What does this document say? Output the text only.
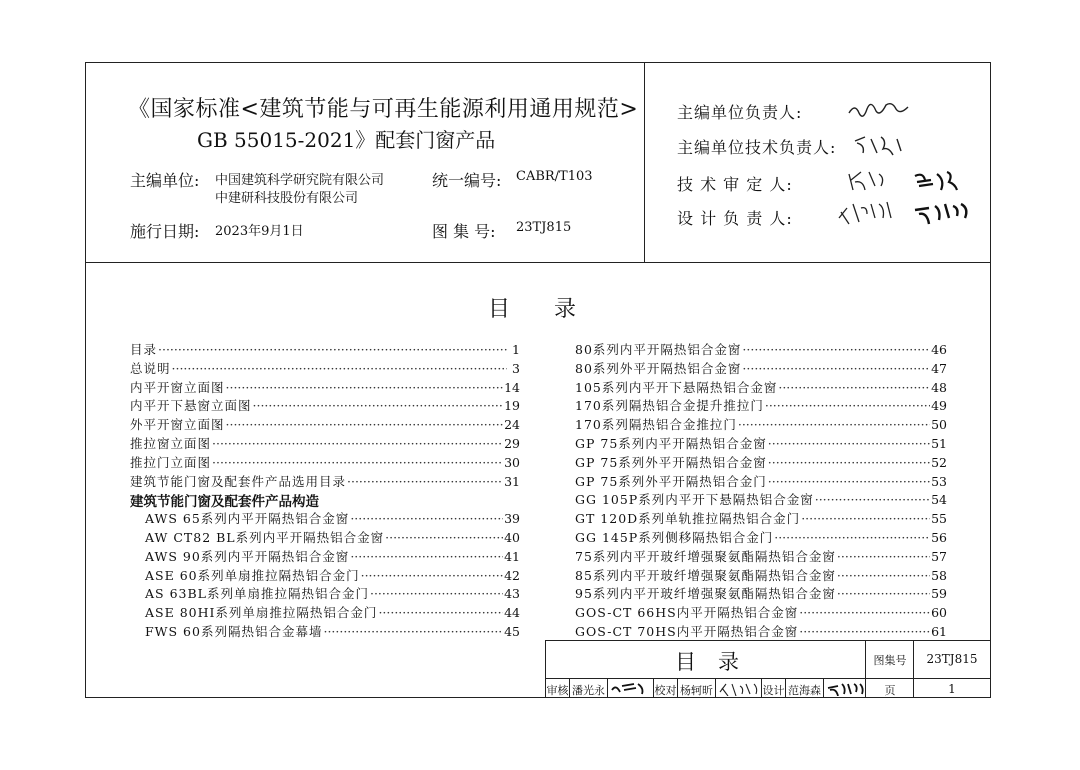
《国家标准<建筑节能与可再生能源利用通用规范>
GB 55015-2021》配套门窗产品
主编单位: 中国建筑科学研究院有限公司
中建研科技股份有限公司
统一编号: CABR/T103
施行日期: 2023年9月1日	图 集 号: 23TJ815
主编单位负责人:
主编单位技术负责人:
技 术 审 定 人:
设 计 负 责 人:
目录
目录 ·····	1
总说明 ·····	3
内平开窗立面图 ·····	14
内平开下悬窗立面图 ·····	19
外平开窗立面图 ·····	24
推拉窗立面图 ·····	29
推拉门立面图 ·····	30
建筑节能门窗及配套件产品选用目录 ·····	31
建筑节能门窗及配套件产品构造
AWS 65系列内平开隔热铝合金窗 ·····	39
AW CT82 BL系列内平开隔热铝合金窗 ·····	40
AWS 90系列内平开隔热铝合金窗 ·····	41
ASE 60系列单扇推拉隔热铝合金门 ·····	42
AS 63BL系列单扇推拉隔热铝合金门 ·····	43
ASE 80HI系列单扇推拉隔热铝合金门 ·····	44
FWS 60系列隔热铝合金幕墙 ·····	45
80系列内平开隔热铝合金窗 ·····	46
80系列外平开隔热铝合金窗 ·····	47
105系列内平开下悬隔热铝合金窗 ·····	48
170系列隔热铝合金提升推拉门 ·····	49
170系列隔热铝合金推拉门 ·····	50
GP 75系列内平开隔热铝合金窗 ·····	51
GP 75系列外平开隔热铝合金窗 ·····	52
GP 75系列外平开隔热铝合金门 ·····	53
GG 105P系列内平开下悬隔热铝合金窗 ·····	54
GT 120D系列单轨推拉隔热铝合金门 ·····	55
GG 145P系列侧移隔热铝合金门 ·····	56
75系列内平开玻纤增强聚氨酯隔热铝合金窗 ·····	57
85系列内平开玻纤增强聚氨酯隔热铝合金窗 ·····	58
95系列内平开玻纤增强聚氨酯隔热铝合金窗 ·····	59
GOS-CT 66HS内平开隔热铝合金窗 ·····	60
GOS-CT 70HS内平开隔热铝合金窗 ·····	61
目录	图集号	23TJ815
审核 潘光永	校对 杨轲昕	设计 范海森	页	1
